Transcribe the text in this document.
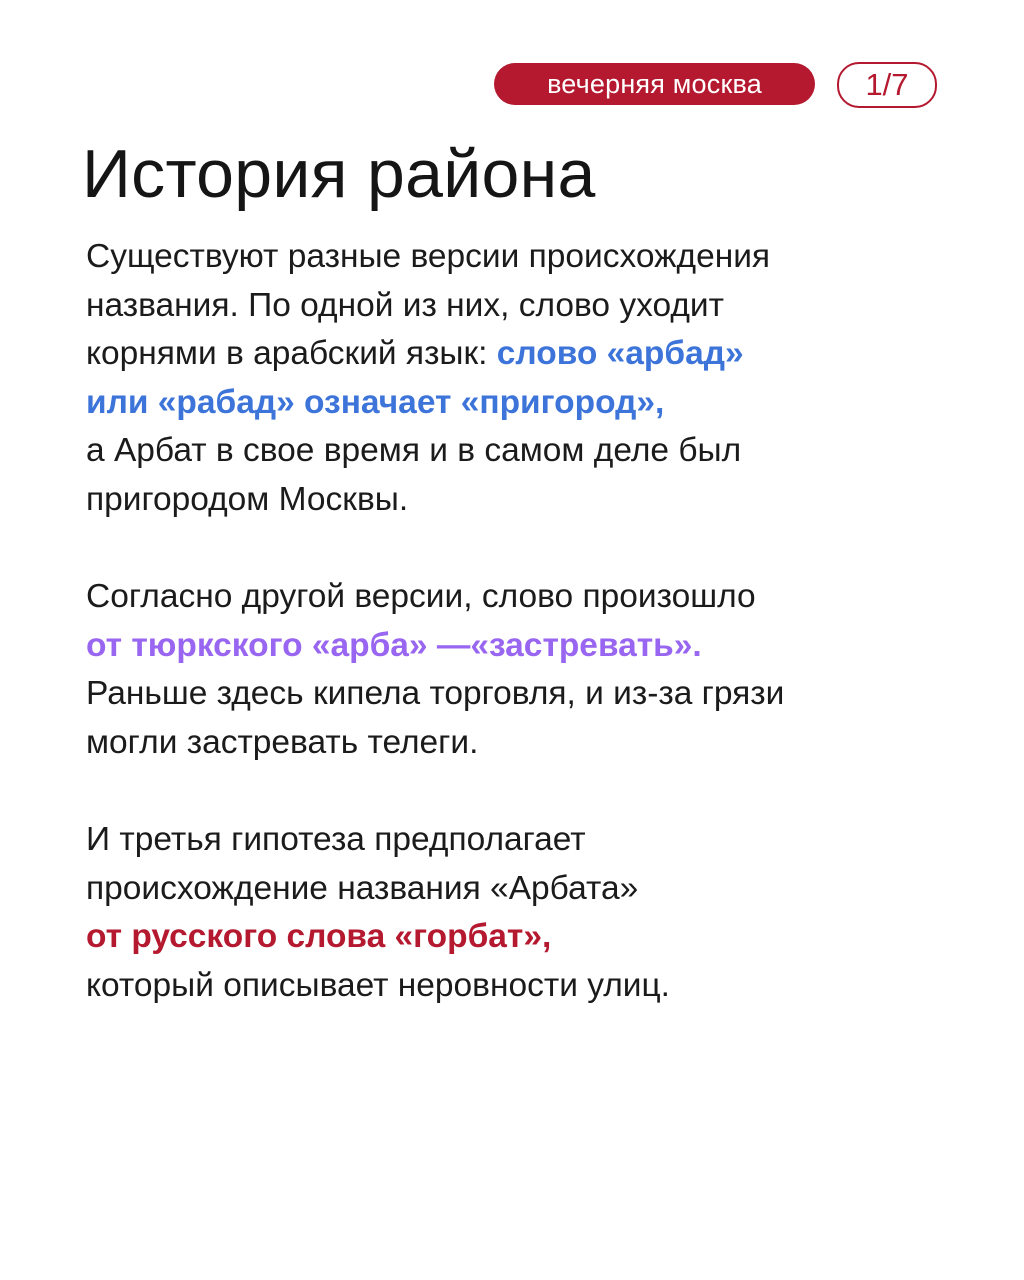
вечерняя москва	1/7
История района

Существуют разные версии происхождения
названия. По одной из них, слово уходит
корнями в арабский язык: слово «арбад»
или «рабад» означает «пригород»,
а Арбат в свое время и в самом деле был
пригородом Москвы.

Согласно другой версии, слово произошло
от тюркского «арба» —«застревать».
Раньше здесь кипела торговля, и из-за грязи
могли застревать телеги.

И третья гипотеза предполагает
происхождение названия «Арбата»
от русского слова «горбат»,
который описывает неровности улиц.
